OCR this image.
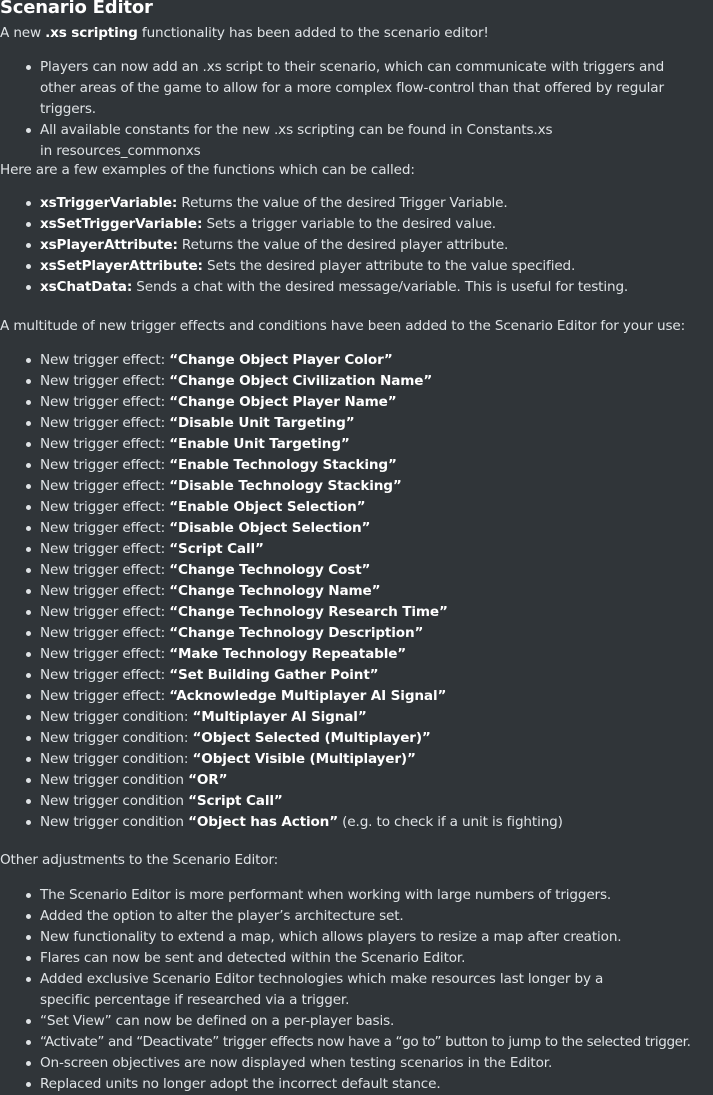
Scenario Editor

A new .xs scripting functionality has been added to the scenario editor!

Players can now add an .xs script to their scenario, which can communicate with triggers and other areas of the game to allow for a more complex flow-control than that offered by regular triggers.
All available constants for the new .xs scripting can be found in Constants.xs in resources_commonxs

Here are a few examples of the functions which can be called:

xsTriggerVariable: Returns the value of the desired Trigger Variable.
xsSetTriggerVariable: Sets a trigger variable to the desired value.
xsPlayerAttribute: Returns the value of the desired player attribute.
xsSetPlayerAttribute: Sets the desired player attribute to the value specified.
xsChatData: Sends a chat with the desired message/variable. This is useful for testing.

A multitude of new trigger effects and conditions have been added to the Scenario Editor for your use:

New trigger effect: “Change Object Player Color”
New trigger effect: “Change Object Civilization Name”
New trigger effect: “Change Object Player Name”
New trigger effect: “Disable Unit Targeting”
New trigger effect: “Enable Unit Targeting”
New trigger effect: “Enable Technology Stacking”
New trigger effect: “Disable Technology Stacking”
New trigger effect: “Enable Object Selection”
New trigger effect: “Disable Object Selection”
New trigger effect: “Script Call”
New trigger effect: “Change Technology Cost”
New trigger effect: “Change Technology Name”
New trigger effect: “Change Technology Research Time”
New trigger effect: “Change Technology Description”
New trigger effect: “Make Technology Repeatable”
New trigger effect: “Set Building Gather Point”
New trigger effect: “Acknowledge Multiplayer AI Signal”
New trigger condition: “Multiplayer AI Signal”
New trigger condition: “Object Selected (Multiplayer)”
New trigger condition: “Object Visible (Multiplayer)”
New trigger condition “OR”
New trigger condition “Script Call”
New trigger condition “Object has Action” (e.g. to check if a unit is fighting)

Other adjustments to the Scenario Editor:

The Scenario Editor is more performant when working with large numbers of triggers.
Added the option to alter the player’s architecture set.
New functionality to extend a map, which allows players to resize a map after creation.
Flares can now be sent and detected within the Scenario Editor.
Added exclusive Scenario Editor technologies which make resources last longer by a specific percentage if researched via a trigger.
“Set View” can now be defined on a per-player basis.
“Activate” and “Deactivate” trigger effects now have a “go to” button to jump to the selected trigger.
On-screen objectives are now displayed when testing scenarios in the Editor.
Replaced units no longer adopt the incorrect default stance.
